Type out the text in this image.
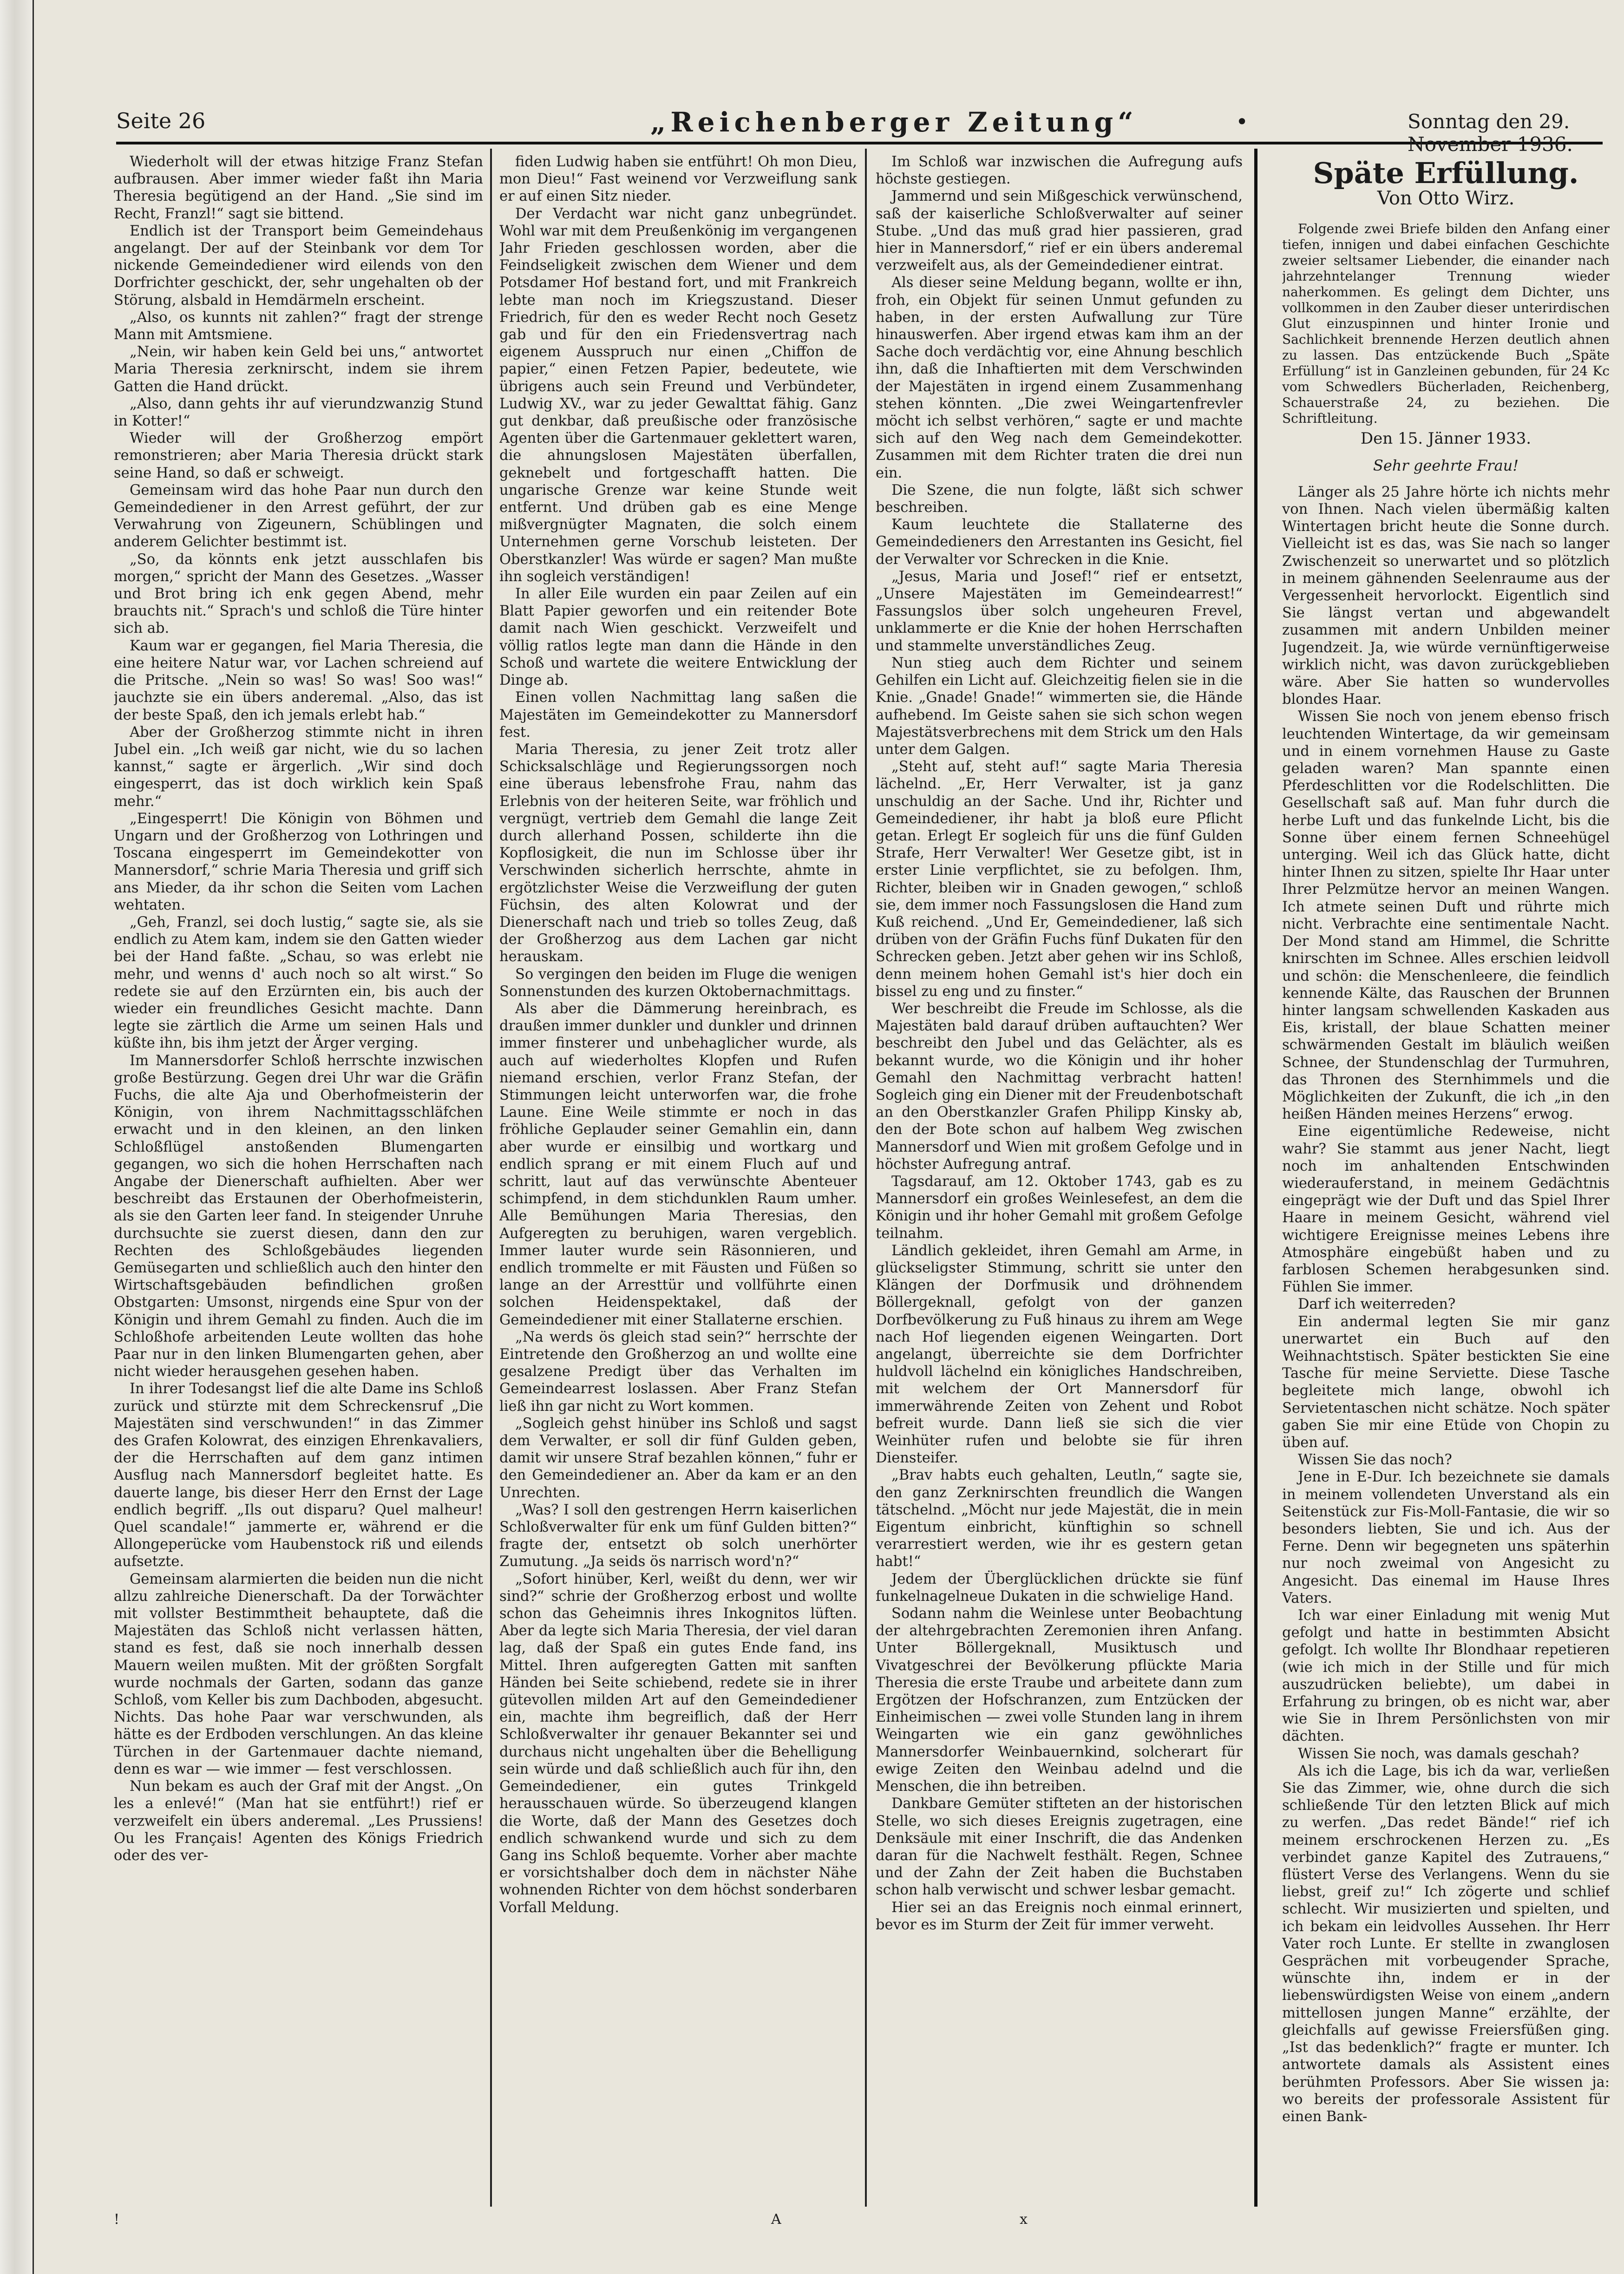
Seite 26	„Reichenberger Zeitung“	•	Sonntag den 29. November 1936.

Wiederholt will der etwas hitzige Franz Stefan aufbrausen. Aber immer wieder faßt ihn Maria Theresia begütigend an der Hand. „Sie sind im Recht, Franzl!“ sagt sie bittend.

Endlich ist der Transport beim Gemeindehaus angelangt. Der auf der Steinbank vor dem Tor nickende Gemeindediener wird eilends von den Dorfrichter geschickt, der, sehr ungehalten ob der Störung, alsbald in Hemdärmeln erscheint.

„Also, os kunnts nit zahlen?“ fragt der strenge Mann mit Amtsmiene.

„Nein, wir haben kein Geld bei uns,“ antwortet Maria Theresia zerknirscht, indem sie ihrem Gatten die Hand drückt.

„Also, dann gehts ihr auf vierundzwanzig Stund in Kotter!“

Wieder will der Großherzog empört remonstrieren; aber Maria Theresia drückt stark seine Hand, so daß er schweigt.

Gemeinsam wird das hohe Paar nun durch den Gemeindediener in den Arrest geführt, der zur Verwahrung von Zigeunern, Schüblingen und anderem Gelichter bestimmt ist.

„So, da könnts enk jetzt ausschlafen bis morgen,“ spricht der Mann des Gesetzes. „Wasser und Brot bring ich enk gegen Abend, mehr brauchts nit.“ Sprach's und schloß die Türe hinter sich ab.

Kaum war er gegangen, fiel Maria Theresia, die eine heitere Natur war, vor Lachen schreiend auf die Pritsche. „Nein so was! So was! Soo was!“ jauchzte sie ein übers anderemal. „Also, das ist der beste Spaß, den ich jemals erlebt hab.“

Aber der Großherzog stimmte nicht in ihren Jubel ein. „Ich weiß gar nicht, wie du so lachen kannst,“ sagte er ärgerlich. „Wir sind doch eingesperrt, das ist doch wirklich kein Spaß mehr.“

„Eingesperrt! Die Königin von Böhmen und Ungarn und der Großherzog von Lothringen und Toscana eingesperrt im Gemeindekotter von Mannersdorf,“ schrie Maria Theresia und griff sich ans Mieder, da ihr schon die Seiten vom Lachen wehtaten.

„Geh, Franzl, sei doch lustig,“ sagte sie, als sie endlich zu Atem kam, indem sie den Gatten wieder bei der Hand faßte. „Schau, so was erlebt nie mehr, und wenns d' auch noch so alt wirst.“ So redete sie auf den Erzürnten ein, bis auch der wieder ein freundliches Gesicht machte. Dann legte sie zärtlich die Arme um seinen Hals und küßte ihn, bis ihm jetzt der Ärger verging.

Im Mannersdorfer Schloß herrschte inzwischen große Bestürzung. Gegen drei Uhr war die Gräfin Fuchs, die alte Aja und Oberhofmeisterin der Königin, von ihrem Nachmittagsschläfchen erwacht und in den kleinen, an den linken Schloßflügel anstoßenden Blumengarten gegangen, wo sich die hohen Herrschaften nach Angabe der Dienerschaft aufhielten. Aber wer beschreibt das Erstaunen der Oberhofmeisterin, als sie den Garten leer fand. In steigender Unruhe durchsuchte sie zuerst diesen, dann den zur Rechten des Schloßgebäudes liegenden Gemüsegarten und schließlich auch den hinter den Wirtschaftsgebäuden befindlichen großen Obstgarten: Umsonst, nirgends eine Spur von der Königin und ihrem Gemahl zu finden. Auch die im Schloßhofe arbeitenden Leute wollten das hohe Paar nur in den linken Blumengarten gehen, aber nicht wieder herausgehen gesehen haben.

In ihrer Todesangst lief die alte Dame ins Schloß zurück und stürzte mit dem Schreckensruf „Die Majestäten sind verschwunden!“ in das Zimmer des Grafen Kolowrat, des einzigen Ehrenkavaliers, der die Herrschaften auf dem ganz intimen Ausflug nach Mannersdorf begleitet hatte. Es dauerte lange, bis dieser Herr den Ernst der Lage endlich begriff. „Ils out disparu? Quel malheur! Quel scandale!“ jammerte er, während er die Allongeperücke vom Haubenstock riß und eilends aufsetzte.

Gemeinsam alarmierten die beiden nun die nicht allzu zahlreiche Dienerschaft. Da der Torwächter mit vollster Bestimmtheit behauptete, daß die Majestäten das Schloß nicht verlassen hätten, stand es fest, daß sie noch innerhalb dessen Mauern weilen mußten. Mit der größten Sorgfalt wurde nochmals der Garten, sodann das ganze Schloß, vom Keller bis zum Dachboden, abgesucht. Nichts. Das hohe Paar war verschwunden, als hätte es der Erdboden verschlungen. An das kleine Türchen in der Gartenmauer dachte niemand, denn es war — wie immer — fest verschlossen.

Nun bekam es auch der Graf mit der Angst. „On les a enlevé!“ (Man hat sie entführt!) rief er verzweifelt ein übers anderemal. „Les Prussiens! Ou les Français! Agenten des Königs Friedrich oder des ver-

fiden Ludwig haben sie entführt! Oh mon Dieu, mon Dieu!“ Fast weinend vor Verzweiflung sank er auf einen Sitz nieder.

Der Verdacht war nicht ganz unbegründet. Wohl war mit dem Preußenkönig im vergangenen Jahr Frieden geschlossen worden, aber die Feindseligkeit zwischen dem Wiener und dem Potsdamer Hof bestand fort, und mit Frankreich lebte man noch im Kriegszustand. Dieser Friedrich, für den es weder Recht noch Gesetz gab und für den ein Friedensvertrag nach eigenem Ausspruch nur einen „Chiffon de papier,“ einen Fetzen Papier, bedeutete, wie übrigens auch sein Freund und Verbündeter, Ludwig XV., war zu jeder Gewalttat fähig. Ganz gut denkbar, daß preußische oder französische Agenten über die Gartenmauer geklettert waren, die ahnungslosen Majestäten überfallen, geknebelt und fortgeschafft hatten. Die ungarische Grenze war keine Stunde weit entfernt. Und drüben gab es eine Menge mißvergnügter Magnaten, die solch einem Unternehmen gerne Vorschub leisteten. Der Oberstkanzler! Was würde er sagen? Man mußte ihn sogleich verständigen!

In aller Eile wurden ein paar Zeilen auf ein Blatt Papier geworfen und ein reitender Bote damit nach Wien geschickt. Verzweifelt und völlig ratlos legte man dann die Hände in den Schoß und wartete die weitere Entwicklung der Dinge ab.

Einen vollen Nachmittag lang saßen die Majestäten im Gemeindekotter zu Mannersdorf fest.

Maria Theresia, zu jener Zeit trotz aller Schicksalschläge und Regierungssorgen noch eine überaus lebensfrohe Frau, nahm das Erlebnis von der heiteren Seite, war fröhlich und vergnügt, vertrieb dem Gemahl die lange Zeit durch allerhand Possen, schilderte ihn die Kopflosigkeit, die nun im Schlosse über ihr Verschwinden sicherlich herrschte, ahmte in ergötzlichster Weise die Verzweiflung der guten Füchsin, des alten Kolowrat und der Dienerschaft nach und trieb so tolles Zeug, daß der Großherzog aus dem Lachen gar nicht herauskam.

So vergingen den beiden im Fluge die wenigen Sonnenstunden des kurzen Oktobernachmittags.

Als aber die Dämmerung hereinbrach, es draußen immer dunkler und dunkler und drinnen immer finsterer und unbehaglicher wurde, als auch auf wiederholtes Klopfen und Rufen niemand erschien, verlor Franz Stefan, der Stimmungen leicht unterworfen war, die frohe Laune. Eine Weile stimmte er noch in das fröhliche Geplauder seiner Gemahlin ein, dann aber wurde er einsilbig und wortkarg und endlich sprang er mit einem Fluch auf und schritt, laut auf das verwünschte Abenteuer schimpfend, in dem stichdunklen Raum umher. Alle Bemühungen Maria Theresias, den Aufgeregten zu beruhigen, waren vergeblich. Immer lauter wurde sein Räsonnieren, und endlich trommelte er mit Fäusten und Füßen so lange an der Arresttür und vollführte einen solchen Heidenspektakel, daß der Gemeindediener mit einer Stallaterne erschien.

„Na werds ös gleich stad sein?“ herrschte der Eintretende den Großherzog an und wollte eine gesalzene Predigt über das Verhalten im Gemeindearrest loslassen. Aber Franz Stefan ließ ihn gar nicht zu Wort kommen.

„Sogleich gehst hinüber ins Schloß und sagst dem Verwalter, er soll dir fünf Gulden geben, damit wir unsere Straf bezahlen können,“ fuhr er den Gemeindediener an. Aber da kam er an den Unrechten.

„Was? I soll den gestrengen Herrn kaiserlichen Schloßverwalter für enk um fünf Gulden bitten?“ fragte der, entsetzt ob solch unerhörter Zumutung. „Ja seids ös narrisch word'n?“

„Sofort hinüber, Kerl, weißt du denn, wer wir sind?“ schrie der Großherzog erbost und wollte schon das Geheimnis ihres Inkognitos lüften. Aber da legte sich Maria Theresia, der viel daran lag, daß der Spaß ein gutes Ende fand, ins Mittel. Ihren aufgeregten Gatten mit sanften Händen bei Seite schiebend, redete sie in ihrer gütevollen milden Art auf den Gemeindediener ein, machte ihm begreiflich, daß der Herr Schloßverwalter ihr genauer Bekannter sei und durchaus nicht ungehalten über die Behelligung sein würde und daß schließlich auch für ihn, den Gemeindediener, ein gutes Trinkgeld herausschauen würde. So überzeugend klangen die Worte, daß der Mann des Gesetzes doch endlich schwankend wurde und sich zu dem Gang ins Schloß bequemte. Vorher aber machte er vorsichtshalber doch dem in nächster Nähe wohnenden Richter von dem höchst sonderbaren Vorfall Meldung.

Im Schloß war inzwischen die Aufregung aufs höchste gestiegen.

Jammernd und sein Mißgeschick verwünschend, saß der kaiserliche Schloßverwalter auf seiner Stube. „Und das muß grad hier passieren, grad hier in Mannersdorf,“ rief er ein übers anderemal verzweifelt aus, als der Gemeindediener eintrat.

Als dieser seine Meldung begann, wollte er ihn, froh, ein Objekt für seinen Unmut gefunden zu haben, in der ersten Aufwallung zur Türe hinauswerfen. Aber irgend etwas kam ihm an der Sache doch verdächtig vor, eine Ahnung beschlich ihn, daß die Inhaftierten mit dem Verschwinden der Majestäten in irgend einem Zusammenhang stehen könnten. „Die zwei Weingartenfrevler möcht ich selbst verhören,“ sagte er und machte sich auf den Weg nach dem Gemeindekotter. Zusammen mit dem Richter traten die drei nun ein.

Die Szene, die nun folgte, läßt sich schwer beschreiben.

Kaum leuchtete die Stallaterne des Gemeindedieners den Arrestanten ins Gesicht, fiel der Verwalter vor Schrecken in die Knie.

„Jesus, Maria und Josef!“ rief er entsetzt, „Unsere Majestäten im Gemeindearrest!“ Fassungslos über solch ungeheuren Frevel, unklammerte er die Knie der hohen Herrschaften und stammelte unverständliches Zeug.

Nun stieg auch dem Richter und seinem Gehilfen ein Licht auf. Gleichzeitig fielen sie in die Knie. „Gnade! Gnade!“ wimmerten sie, die Hände aufhebend. Im Geiste sahen sie sich schon wegen Majestätsverbrechens mit dem Strick um den Hals unter dem Galgen.

„Steht auf, steht auf!“ sagte Maria Theresia lächelnd. „Er, Herr Verwalter, ist ja ganz unschuldig an der Sache. Und ihr, Richter und Gemeindediener, ihr habt ja bloß eure Pflicht getan. Erlegt Er sogleich für uns die fünf Gulden Strafe, Herr Verwalter! Wer Gesetze gibt, ist in erster Linie verpflichtet, sie zu befolgen. Ihm, Richter, bleiben wir in Gnaden gewogen,“ schloß sie, dem immer noch Fassungslosen die Hand zum Kuß reichend. „Und Er, Gemeindediener, laß sich drüben von der Gräfin Fuchs fünf Dukaten für den Schrecken geben. Jetzt aber gehen wir ins Schloß, denn meinem hohen Gemahl ist's hier doch ein bissel zu eng und zu finster.“

Wer beschreibt die Freude im Schlosse, als die Majestäten bald darauf drüben auftauchten? Wer beschreibt den Jubel und das Gelächter, als es bekannt wurde, wo die Königin und ihr hoher Gemahl den Nachmittag verbracht hatten! Sogleich ging ein Diener mit der Freudenbotschaft an den Oberstkanzler Grafen Philipp Kinsky ab, den der Bote schon auf halbem Weg zwischen Mannersdorf und Wien mit großem Gefolge und in höchster Aufregung antraf.

Tagsdarauf, am 12. Oktober 1743, gab es zu Mannersdorf ein großes Weinlesefest, an dem die Königin und ihr hoher Gemahl mit großem Gefolge teilnahm.

Ländlich gekleidet, ihren Gemahl am Arme, in glückseligster Stimmung, schritt sie unter den Klängen der Dorfmusik und dröhnendem Böllergeknall, gefolgt von der ganzen Dorfbevölkerung zu Fuß hinaus zu ihrem am Wege nach Hof liegenden eigenen Weingarten. Dort angelangt, überreichte sie dem Dorfrichter huldvoll lächelnd ein königliches Handschreiben, mit welchem der Ort Mannersdorf für immerwährende Zeiten von Zehent und Robot befreit wurde. Dann ließ sie sich die vier Weinhüter rufen und belobte sie für ihren Diensteifer.

„Brav habts euch gehalten, Leutln,“ sagte sie, den ganz Zerknirschten freundlich die Wangen tätschelnd. „Möcht nur jede Majestät, die in mein Eigentum einbricht, künftighin so schnell verarrestiert werden, wie ihr es gestern getan habt!“

Jedem der Überglücklichen drückte sie fünf funkelnagelneue Dukaten in die schwielige Hand.

Sodann nahm die Weinlese unter Beobachtung der altehrgebrachten Zeremonien ihren Anfang. Unter Böllergeknall, Musiktusch und Vivatgeschrei der Bevölkerung pflückte Maria Theresia die erste Traube und arbeitete dann zum Ergötzen der Hofschranzen, zum Entzücken der Einheimischen — zwei volle Stunden lang in ihrem Weingarten wie ein ganz gewöhnliches Mannersdorfer Weinbauernkind, solcherart für ewige Zeiten den Weinbau adelnd und die Menschen, die ihn betreiben.

Dankbare Gemüter stifteten an der historischen Stelle, wo sich dieses Ereignis zugetragen, eine Denksäule mit einer Inschrift, die das Andenken daran für die Nachwelt festhält. Regen, Schnee und der Zahn der Zeit haben die Buchstaben schon halb verwischt und schwer lesbar gemacht.

Hier sei an das Ereignis noch einmal erinnert, bevor es im Sturm der Zeit für immer verweht.

Späte Erfüllung.
Von Otto Wirz.

Folgende zwei Briefe bilden den Anfang einer tiefen, innigen und dabei einfachen Geschichte zweier seltsamer Liebender, die einander nach jahrzehntelanger Trennung wieder naherkommen. Es gelingt dem Dichter, uns vollkommen in den Zauber dieser unterirdischen Glut einzuspinnen und hinter Ironie und Sachlichkeit brennende Herzen deutlich ahnen zu lassen. Das entzückende Buch „Späte Erfüllung“ ist in Ganzleinen gebunden, für 24 Kc vom Schwedlers Bücherladen, Reichenberg, Schauerstraße 24, zu beziehen. Die Schriftleitung.

Den 15. Jänner 1933.
Sehr geehrte Frau!

Länger als 25 Jahre hörte ich nichts mehr von Ihnen. Nach vielen übermäßig kalten Wintertagen bricht heute die Sonne durch. Vielleicht ist es das, was Sie nach so langer Zwischenzeit so unerwartet und so plötzlich in meinem gähnenden Seelenraume aus der Vergessenheit hervorlockt. Eigentlich sind Sie längst vertan und abgewandelt zusammen mit andern Unbilden meiner Jugendzeit. Ja, wie würde vernünftigerweise wirklich nicht, was davon zurückgeblieben wäre. Aber Sie hatten so wundervolles blondes Haar.

Wissen Sie noch von jenem ebenso frisch leuchtenden Wintertage, da wir gemeinsam und in einem vornehmen Hause zu Gaste geladen waren? Man spannte einen Pferdeschlitten vor die Rodelschlitten. Die Gesellschaft saß auf. Man fuhr durch die herbe Luft und das funkelnde Licht, bis die Sonne über einem fernen Schneehügel unterging. Weil ich das Glück hatte, dicht hinter Ihnen zu sitzen, spielte Ihr Haar unter Ihrer Pelzmütze hervor an meinen Wangen. Ich atmete seinen Duft und rührte mich nicht. Verbrachte eine sentimentale Nacht. Der Mond stand am Himmel, die Schritte knirschten im Schnee. Alles erschien leidvoll und schön: die Menschenleere, die feindlich kennende Kälte, das Rauschen der Brunnen hinter langsam schwellenden Kaskaden aus Eis, kristall, der blaue Schatten meiner schwärmenden Gestalt im bläulich weißen Schnee, der Stundenschlag der Turmuhren, das Thronen des Sternhimmels und die Möglichkeiten der Zukunft, die ich „in den heißen Händen meines Herzens“ erwog.

Eine eigentümliche Redeweise, nicht wahr? Sie stammt aus jener Nacht, liegt noch im anhaltenden Entschwinden wiederauferstand, in meinem Gedächtnis eingeprägt wie der Duft und das Spiel Ihrer Haare in meinem Gesicht, während viel wichtigere Ereignisse meines Lebens ihre Atmosphäre eingebüßt haben und zu farblosen Schemen herabgesunken sind. Fühlen Sie immer.

Darf ich weiterreden?

Ein andermal legten Sie mir ganz unerwartet ein Buch auf den Weihnachtstisch. Später bestickten Sie eine Tasche für meine Serviette. Diese Tasche begleitete mich lange, obwohl ich Servietentaschen nicht schätze. Noch später gaben Sie mir eine Etüde von Chopin zu üben auf.

Wissen Sie das noch?

Jene in E-Dur. Ich bezeichnete sie damals in meinem vollendeten Unverstand als ein Seitenstück zur Fis-Moll-Fantasie, die wir so besonders liebten, Sie und ich. Aus der Ferne. Denn wir begegneten uns späterhin nur noch zweimal von Angesicht zu Angesicht. Das einemal im Hause Ihres Vaters.

Ich war einer Einladung mit wenig Mut gefolgt und hatte in bestimmten Absicht gefolgt. Ich wollte Ihr Blondhaar repetieren (wie ich mich in der Stille und für mich auszudrücken beliebte), um dabei in Erfahrung zu bringen, ob es nicht war, aber wie Sie in Ihrem Persönlichsten von mir dächten.

Wissen Sie noch, was damals geschah?

Als ich die Lage, bis ich da war, verließen Sie das Zimmer, wie, ohne durch die sich schließende Tür den letzten Blick auf mich zu werfen. „Das redet Bände!“ rief ich meinem erschrockenen Herzen zu. „Es verbindet ganze Kapitel des Zutrauens,“ flüstert Verse des Verlangens. Wenn du sie liebst, greif zu!“ Ich zögerte und schlief schlecht. Wir musizierten und spielten, und ich bekam ein leidvolles Aussehen. Ihr Herr Vater roch Lunte. Er stellte in zwanglosen Gesprächen mit vorbeugender Sprache, wünschte ihn, indem er in der liebenswürdigsten Weise von einem „andern mittellosen jungen Manne“ erzählte, der gleichfalls auf gewisse Freiersfüßen ging. „Ist das bedenklich?“ fragte er munter. Ich antwortete damals als Assistent eines berühmten Professors. Aber Sie wissen ja: wo bereits der professorale Assistent für einen Bank-

!	A	x
